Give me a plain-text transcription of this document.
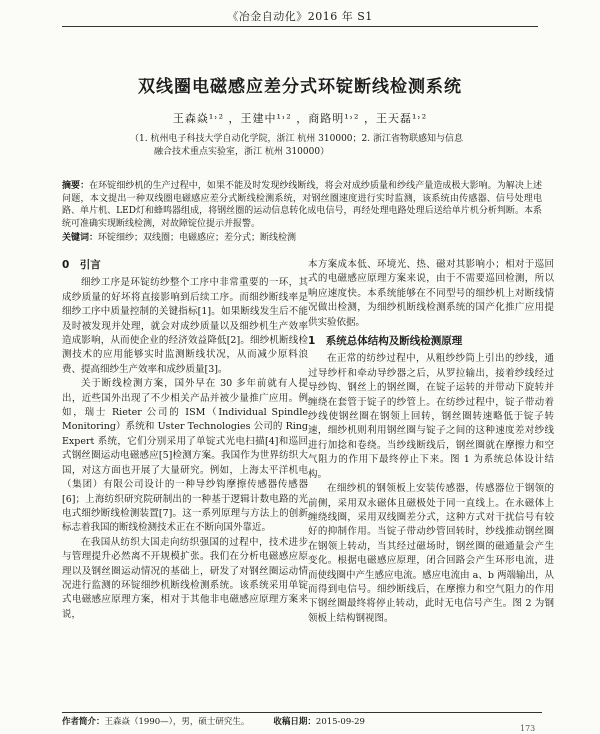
《冶金自动化》2016 年 S1
双线圈电磁感应差分式环锭断线检测系统
王森焱¹˒² ，王建中¹˒² ，商路明¹˒² ，王天磊¹˒²
（1. 杭州电子科技大学自动化学院，浙江 杭州 310000；2. 浙江省物联感知与信息
融合技术重点实验室，浙江 杭州 310000）
摘要：在环锭细纱机的生产过程中，如果不能及时发现纱线断线，将会对成纱质量和纱线产量造成极大影响。为解决上述问题，本文提出一种双线圈电磁感应差分式断线检测系统，对钢丝圈速度进行实时监测，该系统由传感器、信号处理电路、单片机、LED灯和蜂鸣器组成，将钢丝圈的运动信息转化成电信号，再经处理电路处理后送给单片机分析判断。本系统可准确实现断线检测，对故障锭位提示并报警。
关键词：环锭细纱；双线圈；电磁感应；差分式；断线检测
0　引言

细纱工序是环锭纺纱整个工序中非常重要的一环，其成纱质量的好坏将直接影响到后续工序。而细纱断线率是细纱工序中质量控制的关键指标[1]。如果断线发生后不能及时被发现并处理，就会对成纱质量以及细纱机生产效率造成影响，从而使企业的经济效益降低[2]。细纱机断线检测技术的应用能够实时监测断线状况，从而减少原料浪费、提高细纱生产效率和成纱质量[3]。

关于断线检测方案，国外早在 30 多年前就有人提出，近些国外出现了不少相关产品并被少量推广应用。例如，瑞士 Rieter 公司的 ISM（Individual Spindle Monitoring）系统和 Uster Technologies 公司的 Ring Expert 系统，它们分别采用了单锭式光电扫描[4]和巡回式钢丝圈运动电磁感应[5]检测方案。我国作为世界纺织大国，对这方面也开展了大量研究。例如，上海太平洋机电（集团）有限公司设计的一种导纱钩摩擦传感器传感器[6]；上海纺织研究院研制出的一种基于逻辑计数电路的光电式细纱断线检测装置[7]。这一系列原理与方法上的创新标志着我国的断线检测技术正在不断向国外靠近。

在我国从纺织大国走向纺织强国的过程中，技术进步与管理提升必然离不开规模扩张。我们在分析电磁感应原理以及钢丝圈运动情况的基础上，研发了对钢丝圈运动情况进行监测的环锭细纱机断线检测系统。该系统采用单锭式电磁感应原理方案，相对于其他非电磁感应原理方案来说，

本方案成本低、环境光、热、磁对其影响小；相对于巡回式的电磁感应原理方案来说，由于不需要巡回检测，所以响应速度快。本系统能够在不同型号的细纱机上对断线情况做出检测，为细纱机断线检测系统的国产化推广应用提供实验依据。

1　系统总体结构及断线检测原理

在正常的纺纱过程中，从粗纱纱筒上引出的纱线，通过导纱杆和牵动导纱器之后，从罗拉输出，接着纱线经过导纱钩、钢丝上的钢丝圈，在锭子运转的并带动下旋转并缠绕在套管于锭子的纱管上。在纺纱过程中，锭子带动着纱线使钢丝圈在钢领上回转，钢丝圈转速略低于锭子转速，细纱机则利用钢丝圈与锭子之间的这种速度差对纱线进行加捻和卷绕。当纱线断线后，钢丝圈就在摩擦力和空气阻力的作用下最终停止下来。图 1 为系统总体设计结构。

在细纱机的钢领板上安装传感器，传感器位于钢领的前侧，采用双永磁体且磁极处于同一直线上。在永磁体上缠绕线圈，采用双线圈差分式，这种方式对干扰信号有较好的抑制作用。当锭子带动纱管回转时，纱线推动钢丝圈在钢领上转动，当其经过磁场时，钢丝圈的磁通量会产生变化。根据电磁感应原理，闭合回路会产生环形电流，进而使线圈中产生感应电流。感应电流由 a、b 两端输出，从而得到电信号。细纱断线后，在摩擦力和空气阻力的作用下钢丝圈最终将停止转动，此时无电信号产生。图 2 为钢领板上结构钢视图。

作者简介：王森焱（1990—），男，硕士研究生。	收稿日期：2015-09-29
173
